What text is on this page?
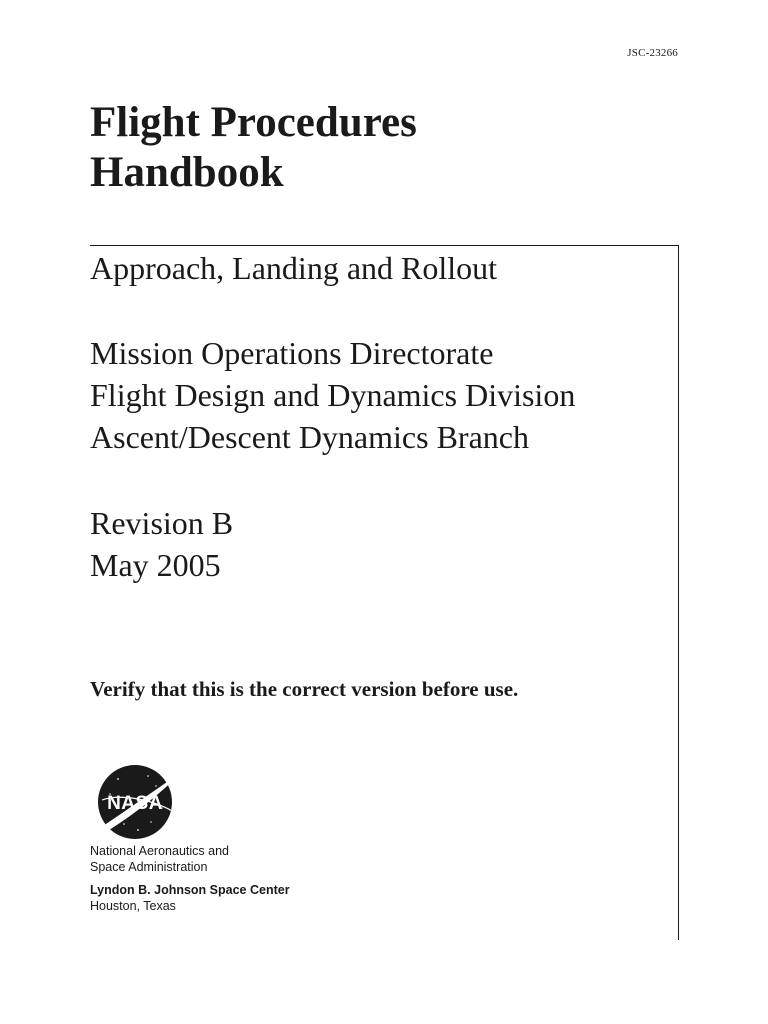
JSC-23266
Flight Procedures
Handbook
Approach, Landing and Rollout
Mission Operations Directorate
Flight Design and Dynamics Division
Ascent/Descent Dynamics Branch
Revision B
May 2005
Verify that this is the correct version before use.
NASA
National Aeronautics and
Space Administration
Lyndon B. Johnson Space Center
Houston, Texas
